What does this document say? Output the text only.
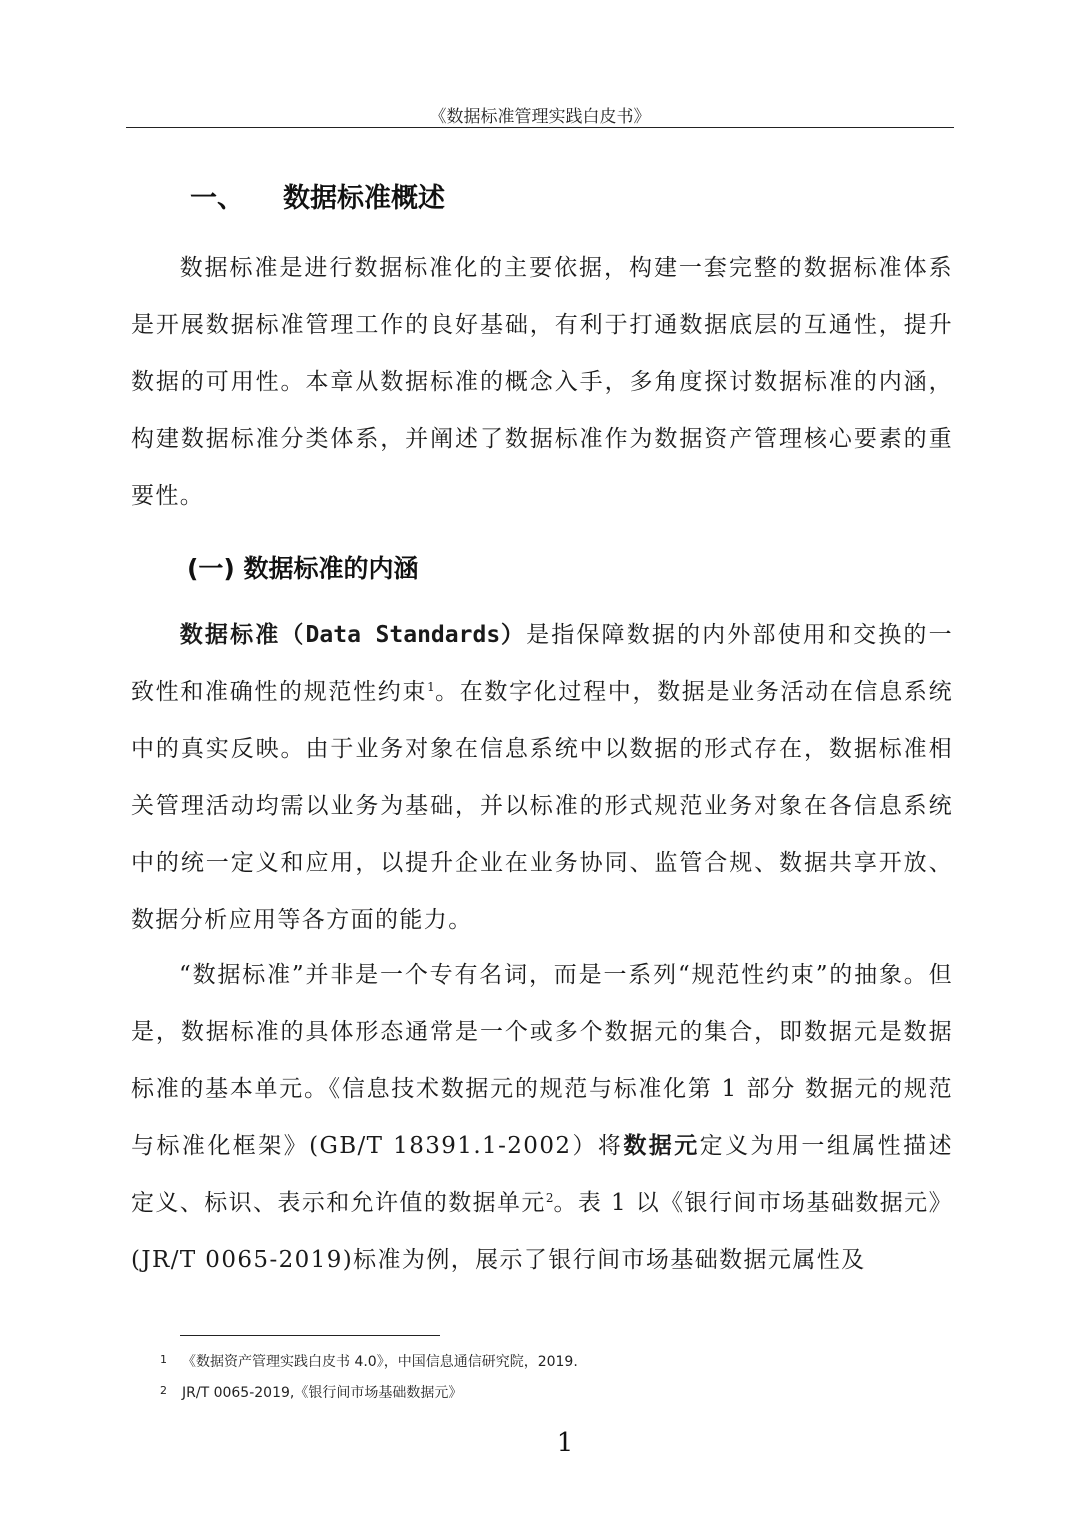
《数据标准管理实践白皮书》
一、 数据标准概述

数据标准是进行数据标准化的主要依据，构建一套完整的数据标准体系是开展数据标准管理工作的良好基础，有利于打通数据底层的互通性，提升数据的可用性。本章从数据标准的概念入手，多角度探讨数据标准的内涵，构建数据标准分类体系，并阐述了数据标准作为数据资产管理核心要素的重要性。

(一) 数据标准的内涵

数据标准（Data Standards）是指保障数据的内外部使用和交换的一致性和准确性的规范性约束$^1$。在数字化过程中，数据是业务活动在信息系统中的真实反映。由于业务对象在信息系统中以数据的形式存在，数据标准相关管理活动均需以业务为基础，并以标准的形式规范业务对象在各信息系统中的统一定义和应用，以提升企业在业务协同、监管合规、数据共享开放、数据分析应用等各方面的能力。

“数据标准”并非是一个专有名词，而是一系列“规范性约束”的抽象。但是，数据标准的具体形态通常是一个或多个数据元的集合，即数据元是数据标准的基本单元。《信息技术数据元的规范与标准化第 1 部分 数据元的规范与标准化框架》(GB/T 18391.1-2002）将数据元定义为用一组属性描述定义、标识、表示和允许值的数据单元$^2$。表 1 以《银行间市场基础数据元》(JR/T 0065-2019)标准为例，展示了银行间市场基础数据元属性及

1 《数据资产管理实践白皮书 4.0》，中国信息通信研究院，2019.
2 JR/T 0065-2019,《银行间市场基础数据元》
1
